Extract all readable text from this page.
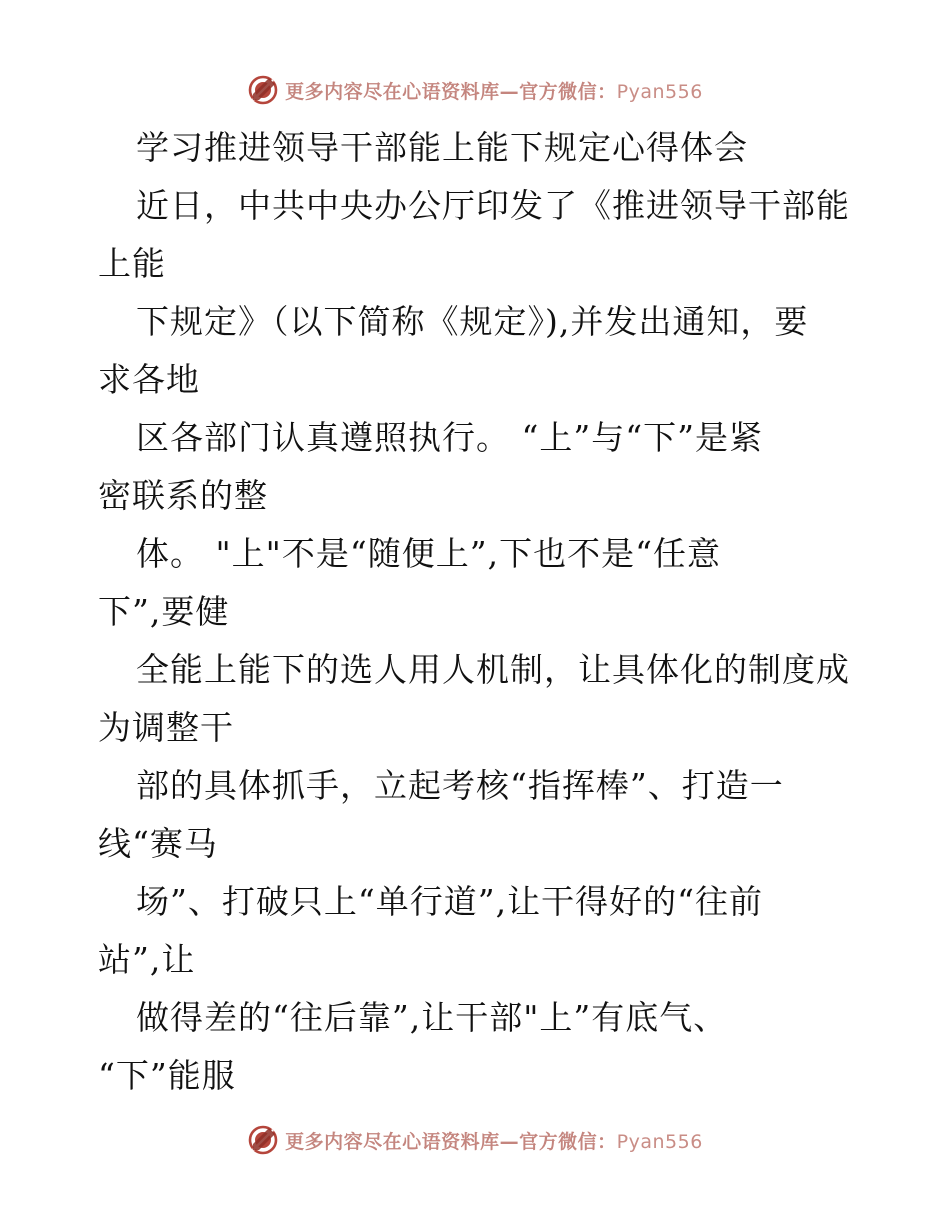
更多内容尽在心语资料库—官方微信：Pyan556
学习推进领导干部能上能下规定心得体会
近日，中共中央办公厅印发了《推进领导干部能
上能
下规定》（以下简称《规定》),并发出通知，要
求各地
区各部门认真遵照执行。 “上”与“下”是紧
密联系的整
体。 "上"不是“随便上”,下也不是“任意
下”,要健
全能上能下的选人用人机制，让具体化的制度成
为调整干
部的具体抓手，立起考核“指挥棒”、打造一
线“赛马
场”、打破只上“单行道”,让干得好的“往前
站”,让
做得差的“往后靠”,让干部"上”有底气、
“下”能服
更多内容尽在心语资料库—官方微信：Pyan556
